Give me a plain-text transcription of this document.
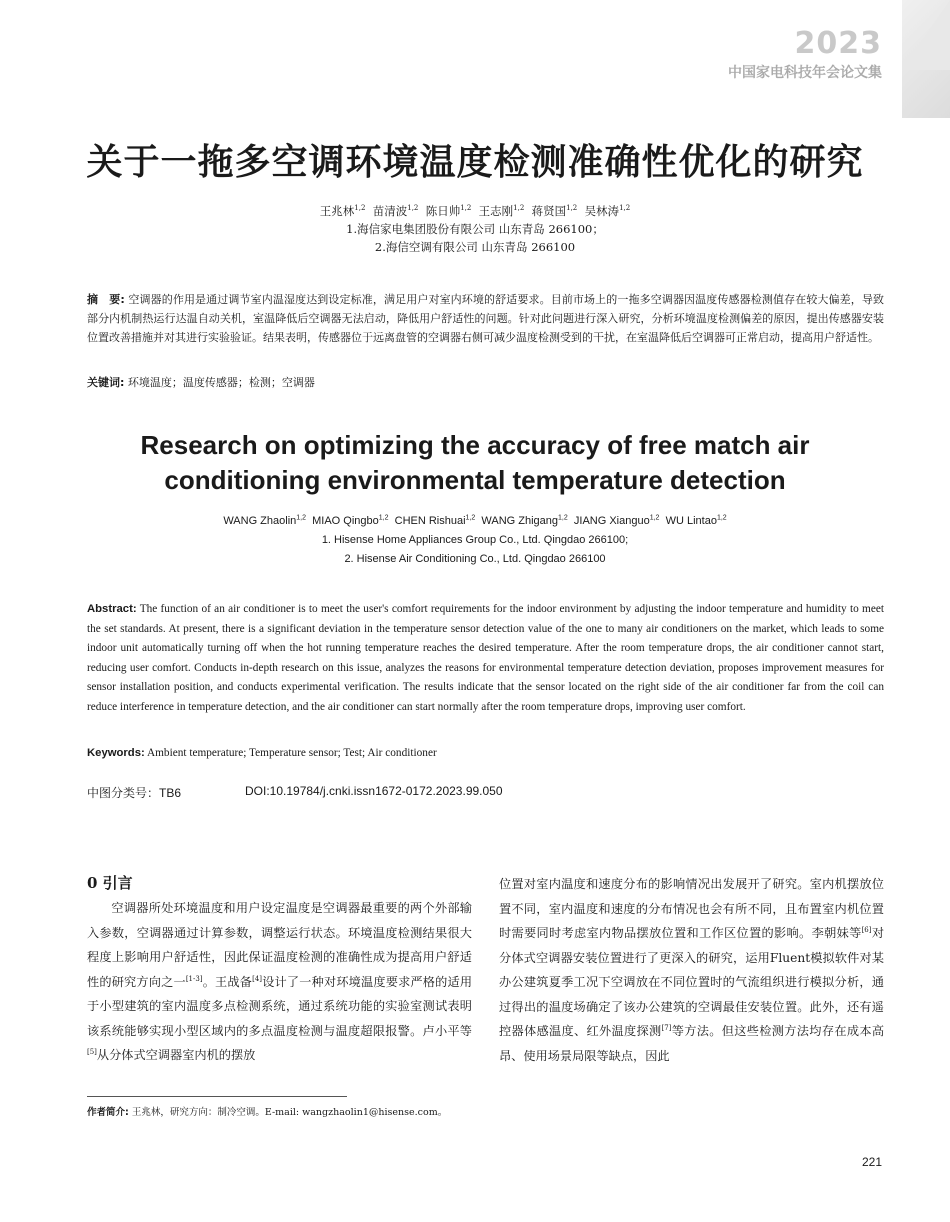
2023
中国家电科技年会论文集
关于一拖多空调环境温度检测准确性优化的研究
王兆林$^{1,2}$ 苗清波$^{1,2}$ 陈日帅$^{1,2}$ 王志刚$^{1,2}$ 蒋贤国$^{1,2}$ 吴林涛$^{1,2}$
1.海信家电集团股份有限公司 山东青岛 266100；
2.海信空调有限公司 山东青岛 266100
摘　要: 空调器的作用是通过调节室内温湿度达到设定标准，满足用户对室内环境的舒适要求。目前市场上的一拖多空调器因温度传感器检测值存在较大偏差，导致部分内机制热运行达温自动关机，室温降低后空调器无法启动，降低用户舒适性的问题。针对此问题进行深入研究，分析环境温度检测偏差的原因，提出传感器安装位置改善措施并对其进行实验验证。结果表明，传感器位于远离盘管的空调器右侧可减少温度检测受到的干扰，在室温降低后空调器可正常启动，提高用户舒适性。
关键词: 环境温度；温度传感器；检测；空调器
Research on optimizing the accuracy of free match air
conditioning environmental temperature detection
WANG Zhaolin$^{1,2}$ MIAO Qingbo$^{1,2}$ CHEN Rishuai$^{1,2}$ WANG Zhigang$^{1,2}$ JIANG Xianguo$^{1,2}$ WU Lintao$^{1,2}$
1. Hisense Home Appliances Group Co., Ltd. Qingdao 266100;
2. Hisense Air Conditioning Co., Ltd. Qingdao 266100
Abstract: The function of an air conditioner is to meet the user's comfort requirements for the indoor environment by adjusting the indoor temperature and humidity to meet the set standards. At present, there is a significant deviation in the temperature sensor detection value of the one to many air conditioners on the market, which leads to some indoor unit automatically turning off when the hot running temperature reaches the desired temperature. After the room temperature drops, the air conditioner cannot start, reducing user comfort. Conducts in-depth research on this issue, analyzes the reasons for environmental temperature detection deviation, proposes improvement measures for sensor installation position, and conducts experimental verification. The results indicate that the sensor located on the right side of the air conditioner far from the coil can reduce interference in temperature detection, and the air conditioner can start normally after the room temperature drops, improving user comfort.
Keywords: Ambient temperature; Temperature sensor; Test; Air conditioner
中图分类号：TB6	DOI:10.19784/j.cnki.issn1672-0172.2023.99.050
0 引言

空调器所处环境温度和用户设定温度是空调器最重要的两个外部输入参数，空调器通过计算参数，调整运行状态。环境温度检测结果很大程度上影响用户舒适性，因此保证温度检测的准确性成为提高用户舒适性的研究方向之一[1-3]。王战备[4]设计了一种对环境温度要求严格的适用于小型建筑的室内温度多点检测系统，通过系统功能的实验室测试表明该系统能够实现小型区域内的多点温度检测与温度超限报警。卢小平等[5]从分体式空调器室内机的摆放

位置对室内温度和速度分布的影响情况出发展开了研究。室内机摆放位置不同，室内温度和速度的分布情况也会有所不同，且布置室内机位置时需要同时考虑室内物品摆放位置和工作区位置的影响。李朝妹等[6]对分体式空调器安装位置进行了更深入的研究，运用Fluent模拟软件对某办公建筑夏季工况下空调放在不同位置时的气流组织进行模拟分析，通过得出的温度场确定了该办公建筑的空调最佳安装位置。此外，还有遥控器体感温度、红外温度探测[7]等方法。但这些检测方法均存在成本高昂、使用场景局限等缺点，因此

作者简介: 王兆林，研究方向：制冷空调。E-mail: wangzhaolin1@hisense.com。
221
